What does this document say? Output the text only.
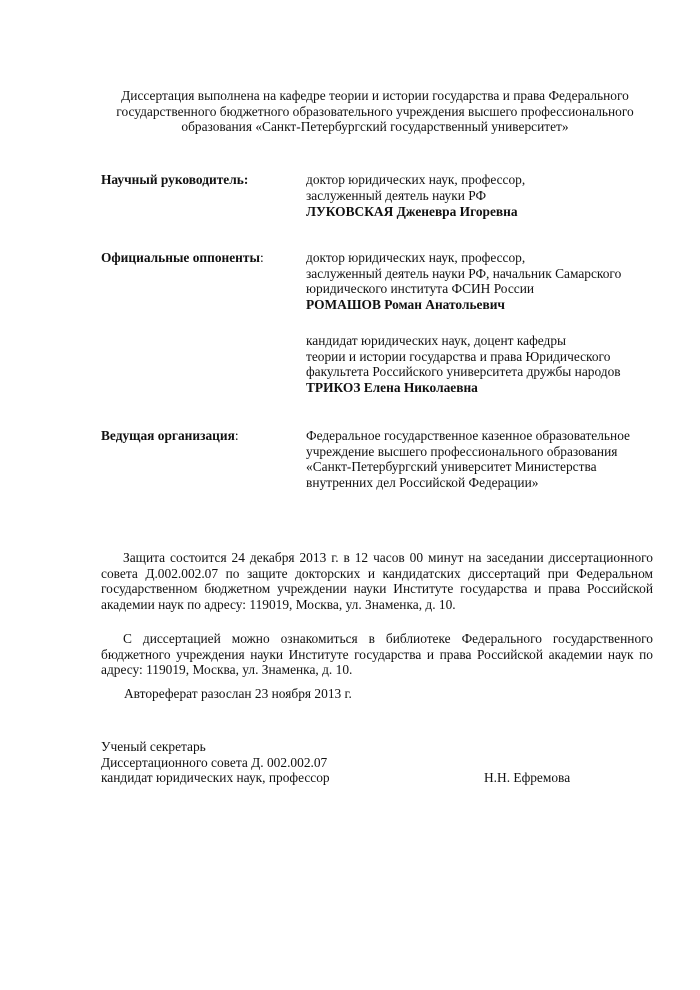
Диссертация выполнена на кафедре теории и истории государства и права Федерального
государственного бюджетного образовательного учреждения высшего профессионального
образования «Санкт-Петербургский государственный университет»
Научный руководитель:	доктор юридических наук, профессор,
заслуженный деятель науки РФ
ЛУКОВСКАЯ Дженевра Игоревна
Официальные оппоненты:	доктор юридических наук, профессор,
заслуженный деятель науки РФ, начальник Самарского
юридического института ФСИН России
РОМАШОВ Роман Анатольевич
кандидат юридических наук, доцент кафедры
теории и истории государства и права Юридического
факультета Российского университета дружбы народов
ТРИКОЗ Елена Николаевна
Ведущая организация:	Федеральное государственное казенное образовательное
учреждение высшего профессионального образования
«Санкт-Петербургский университет Министерства
внутренних дел Российской Федерации»
Защита состоится 24 декабря 2013 г. в 12 часов 00 минут на заседании диссертационного совета Д.002.002.07 по защите докторских и кандидатских диссертаций при Федеральном государственном бюджетном учреждении науки Институте государства и права Российской академии наук по адресу: 119019, Москва, ул. Знаменка, д. 10.
С диссертацией можно ознакомиться в библиотеке Федерального государственного бюджетного учреждения науки Институте государства и права Российской академии наук по адресу: 119019, Москва, ул. Знаменка, д. 10.
Автореферат разослан 23 ноября 2013 г.
Ученый секретарь
Диссертационного совета Д. 002.002.07
кандидат юридических наук, профессор	Н.Н. Ефремова
